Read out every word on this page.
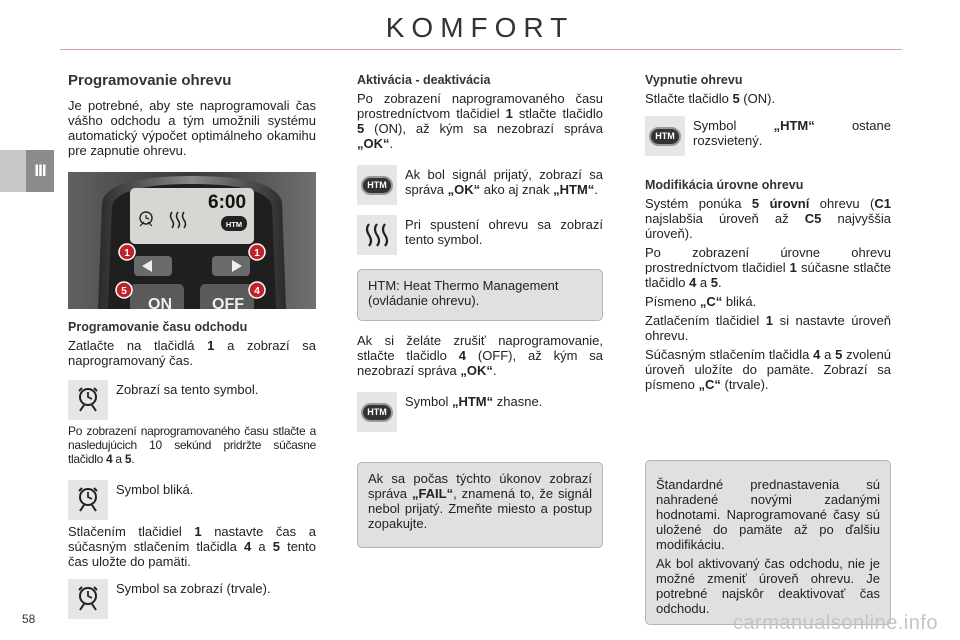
KOMFORT
III
Programovanie ohrevu

Je potrebné, aby ste naprogramovali čas vášho odchodu a tým umožnili systému automatický výpočet optimálneho okamihu pre zapnutie ohrevu.

6:00
HTM
ON	OFF
1	1
5	4
Programovanie času odchodu

Zatlačte na tlačidlá 1 a zobrazí sa naprogramovaný čas.

Zobrazí sa tento symbol.

Po zobrazení naprogramovaného času stlačte a nasledujúcich 10 sekúnd pridržte súčasne tlačidlo 4 a 5.

Symbol bliká.

Stlačením tlačidiel 1 nastavte čas a súčasným stlačením tlačidla 4 a 5 tento čas uložte do pamäti.

Symbol sa zobrazí (trvale).
Aktivácia - deaktivácia

Po zobrazení naprogramovaného času prostredníctvom tlačidiel 1 stlačte tlačidlo 5 (ON), až kým sa nezobrazí správa „OK“.

HTM
Ak bol signál prijatý, zobrazí sa správa „OK“ ako aj znak „HTM“.
Pri spustení ohrevu sa zobrazí tento symbol.

HTM: Heat Thermo Management (ovládanie ohrevu).

Ak si želáte zrušiť naprogramovanie, stlačte tlačidlo 4 (OFF), až kým sa nezobrazí správa „OK“.

HTM
Symbol „HTM“ zhasne.

Ak sa počas týchto úkonov zobrazí správa „FAIL“, znamená to, že signál nebol prijatý. Zmeňte miesto a postup zopakujte.

Vypnutie ohrevu

Stlačte tlačidlo 5 (ON).

HTM
Symbol „HTM“ ostane rozsvietený.
Modifikácia úrovne ohrevu

Systém ponúka 5 úrovní ohrevu (C1 najslabšia úroveň až C5 najvyššia úroveň).

Po zobrazení úrovne ohrevu prostredníctvom tlačidiel 1 súčasne stlačte tlačidlo 4 a 5.

Písmeno „C“ bliká.

Zatlačením tlačidiel 1 si nastavte úroveň ohrevu.

Súčasným stlačením tlačidla 4 a 5 zvolenú úroveň uložíte do pamäte. Zobrazí sa písmeno „C“ (trvale).

Štandardné prednastavenia sú nahradené novými zadanými hodnotami. Naprogramované časy sú uložené do pamäte až po ďalšiu modifikáciu.

Ak bol aktivovaný čas odchodu, nie je možné zmeniť úroveň ohrevu. Je potrebné najskôr deaktivovať čas odchodu.

58	carmanualsonline.info
